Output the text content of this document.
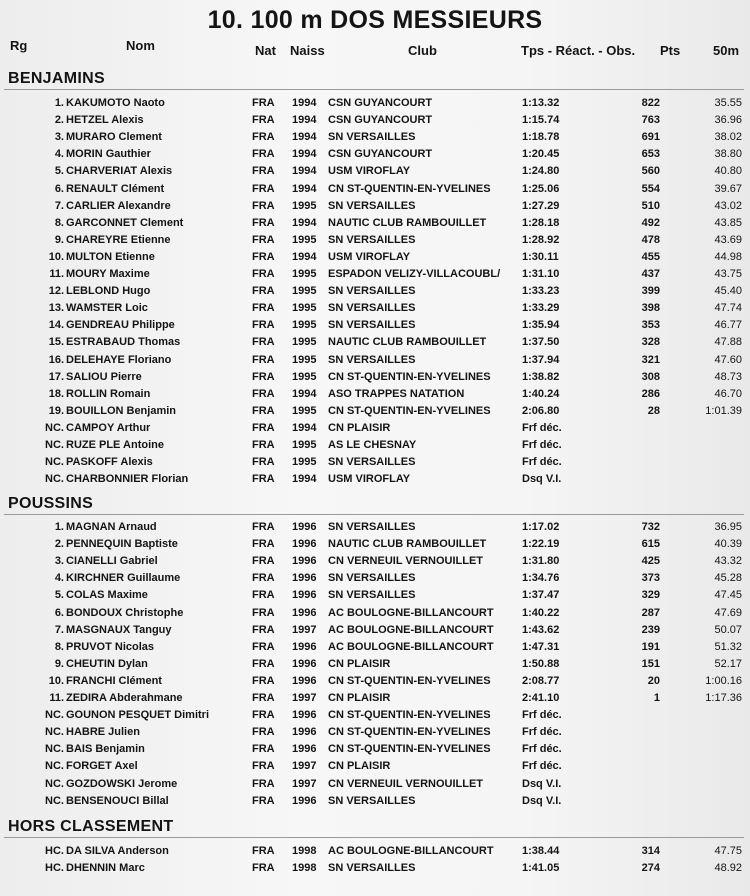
10. 100 m DOS MESSIEURS
Rg	Nom	Nat Naiss	Club	Tps - Réact. - Obs. Pts	50m
BENJAMINS
1. KAKUMOTO Naoto	FRA 1994 CSN GUYANCOURT	1:13.32	822	35.55
2. HETZEL Alexis	FRA 1994 CSN GUYANCOURT	1:15.74	763	36.96
3. MURARO Clement	FRA 1994 SN VERSAILLES	1:18.78	691	38.02
4. MORIN Gauthier	FRA 1994 CSN GUYANCOURT	1:20.45	653	38.80
5. CHARVERIAT Alexis	FRA 1994 USM VIROFLAY	1:24.80	560	40.80
6. RENAULT Clément	FRA 1994 CN ST-QUENTIN-EN-YVELINES	1:25.06	554	39.67
7. CARLIER Alexandre	FRA 1995 SN VERSAILLES	1:27.29	510	43.02
8. GARCONNET Clement	FRA 1994 NAUTIC CLUB RAMBOUILLET	1:28.18	492	43.85
9. CHAREYRE Etienne	FRA 1995 SN VERSAILLES	1:28.92	478	43.69
10. MULTON Etienne	FRA 1994 USM VIROFLAY	1:30.11	455	44.98
11. MOURY Maxime	FRA 1995 ESPADON VELIZY-VILLACOUBL/ 1:31.10	437	43.75
12. LEBLOND Hugo	FRA 1995 SN VERSAILLES	1:33.23	399	45.40
13. WAMSTER Loic	FRA 1995 SN VERSAILLES	1:33.29	398	47.74
14. GENDREAU Philippe	FRA 1995 SN VERSAILLES	1:35.94	353	46.77
15. ESTRABAUD Thomas	FRA 1995 NAUTIC CLUB RAMBOUILLET	1:37.50	328	47.88
16. DELEHAYE Floriano	FRA 1995 SN VERSAILLES	1:37.94	321	47.60
17. SALIOU Pierre	FRA 1995 CN ST-QUENTIN-EN-YVELINES	1:38.82	308	48.73
18. ROLLIN Romain	FRA 1994 ASO TRAPPES NATATION	1:40.24	286	46.70
19. BOUILLON Benjamin	FRA 1995 CN ST-QUENTIN-EN-YVELINES	2:06.80	28	1:01.39
NC. CAMPOY Arthur	FRA 1994 CN PLAISIR	Frf déc.
NC. RUZE PLE Antoine	FRA 1995 AS LE CHESNAY	Frf déc.
NC. PASKOFF Alexis	FRA 1995 SN VERSAILLES	Frf déc.
NC. CHARBONNIER Florian	FRA 1994 USM VIROFLAY	Dsq V.I.
POUSSINS
1. MAGNAN Arnaud	FRA 1996 SN VERSAILLES	1:17.02	732	36.95
2. PENNEQUIN Baptiste	FRA 1996 NAUTIC CLUB RAMBOUILLET	1:22.19	615	40.39
3. CIANELLI Gabriel	FRA 1996 CN VERNEUIL VERNOUILLET	1:31.80	425	43.32
4. KIRCHNER Guillaume	FRA 1996 SN VERSAILLES	1:34.76	373	45.28
5. COLAS Maxime	FRA 1996 SN VERSAILLES	1:37.47	329	47.45
6. BONDOUX Christophe	FRA 1996 AC BOULOGNE-BILLANCOURT	1:40.22	287	47.69
7. MASGNAUX Tanguy	FRA 1997 AC BOULOGNE-BILLANCOURT	1:43.62	239	50.07
8. PRUVOT Nicolas	FRA 1996 AC BOULOGNE-BILLANCOURT	1:47.31	191	51.32
9. CHEUTIN Dylan	FRA 1996 CN PLAISIR	1:50.88	151	52.17
10. FRANCHI Clément	FRA 1996 CN ST-QUENTIN-EN-YVELINES	2:08.77	20	1:00.16
11. ZEDIRA Abderahmane	FRA 1997 CN PLAISIR	2:41.10	1	1:17.36
NC. GOUNON PESQUET Dimitri	FRA 1996 CN ST-QUENTIN-EN-YVELINES	Frf déc.
NC. HABRE Julien	FRA 1996 CN ST-QUENTIN-EN-YVELINES	Frf déc.
NC. BAIS Benjamin	FRA 1996 CN ST-QUENTIN-EN-YVELINES	Frf déc.
NC. FORGET Axel	FRA 1997 CN PLAISIR	Frf déc.
NC. GOZDOWSKI Jerome	FRA 1997 CN VERNEUIL VERNOUILLET	Dsq V.I.
NC. BENSENOUCI Billal	FRA 1996 SN VERSAILLES	Dsq V.I.
HORS CLASSEMENT
HC. DA SILVA Anderson	FRA 1998 AC BOULOGNE-BILLANCOURT	1:38.44	314	47.75
HC. DHENNIN Marc	FRA 1998 SN VERSAILLES	1:41.05	274	48.92
